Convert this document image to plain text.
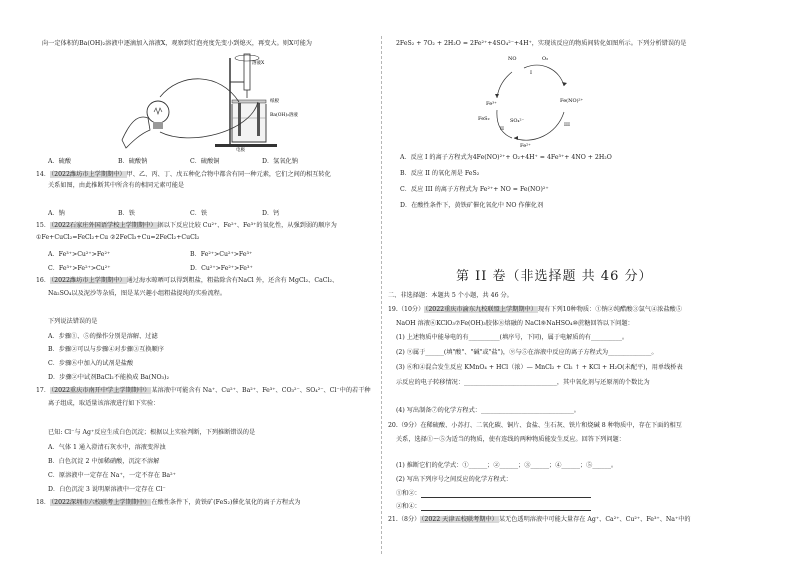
向一定体积的Ba(OH)₂溶液中逐滴加入溶液X，观察到灯泡亮度先变小到熄灭，再变大。则X可能为
溶液X
纸板
Ba(OH)₂溶液
电极
A．硫酸	B．硫酸钠	C．硫酸铜	D．氢氧化钠
14．（2022潍坊市上学期期中）甲、乙、丙、丁、戊五种化合物中都含有同一种元素，它们之间的相互转化
关系如图，由此推断其中所含有的相同元素可能是
A．钠	B．铁	C．铁	D．钙
15．（2022石家庄外国语学校上学期期中）据以下反应比较 Cu²⁺、Fe²⁺、Fe³⁺的氧化性，从强到弱的顺序为
①Fe+CuCl₂=FeCl₂+Cu ②2FeCl₃+Cu=2FeCl₂+CuCl₂
A．Fe³⁺>Cu²⁺>Fe²⁺	B．Fe²⁺>Cu²⁺>Fe³⁺
C．Fe³⁺>Fe²⁺>Cu²⁺	D．Cu²⁺>Fe²⁺>Fe³⁺
16．（2022潍坊市上学期期中）通过海水晾晒可以得到粗盐，粗盐除含有NaCl 外，还含有 MgCl₂、CaCl₂、
Na₂SO₄以及泥沙等杂质，图是某兴趣小组粗盐提纯的实验流程。
下列说法错误的是
A．步骤①、⑤的操作分别是溶解、过滤
B．步骤②可以与步骤④对步骤③互换顺序
C．步骤⑥中加入的试剂是盐酸
D．步骤②中试剂BaCl₂不能换成 Ba(NO₃)₂
17．（2022重庆市南开中学上学期期中）某溶液中可能含有 Na⁺、Cu²⁺、Ba²⁺、Fe³⁺、CO₃²⁻、SO₄²⁻、Cl⁻中的若干种
离子组成，取适量该溶液进行如下实验：
已知: Cl⁻与 Ag⁺反应生成白色沉淀；根据以上实验判断，下列推断错误的是
A．气体 1 通入澄清石灰水中，溶液变浑浊
B．白色沉淀 2 中加稀硝酸，沉淀不溶解
C．原溶液中一定存在 Na⁺，一定不存在 Ba²⁺
D．白色沉淀 3 说明原溶液中一定存在 Cl⁻
18．（2022深圳市六校联考上学期期中）在酸性条件下，黄铁矿(FeS₂)催化氧化的离子方程式为
2FeS₂ + 7O₂ + 2H₂O = 2Fe²⁺+4SO₄²⁻+4H⁺，实现该反应的物质间转化如图所示。下列分析错误的是
NO	O₂
I
Fe³⁺	Fe(NO)²⁺
FeS₂	SO₄²⁻
II
III
Fe²⁺
A．反应 I 的离子方程式为4Fe(NO)²⁺+ O₂+4H⁺ = 4Fe³⁺+ 4NO + 2H₂O
B．反应 II 的氧化剂是 FeS₂
C．反应 III 的离子方程式为 Fe²⁺+ NO = Fe(NO)²⁺
D．在酸性条件下，黄铁矿催化氧化中 NO 作催化剂
第 II 卷（非选择题 共 46 分）
二、非选择题：本题共 5 个小题，共 46 分。
19.（10分）（2022重庆市渝东九校联盟上学期期中）现有下列10种物质：①钠②纯醋酸③氯气④浓盐酸⑤
NaOH 溶液⑥KClO₃⑦Fe(OH)₃胶体⑧熔融的 NaCl⑨NaHSO₄⑩蔗糖回答以下问题：
(1) 上述物质中能导电的有__________(填序号，下同)，属于电解质的有__________。
(2) ⑨属于______(填"酸"、"碱"或"盐")，⑨与⑤在溶液中反应的离子方程式为______________。
(3) ⑥和④混合发生反应 KMnO₄ + HCl（浓）— MnCl₂ + Cl₂ ↑ + KCl + H₂O(未配平)，用单线桥表
示反应的电子转移情况：______________________________，其中氧化剂与还原剂的个数比为
(4) 写出制备⑦的化学方程式：______________________________。
20.（9分）在稀硫酸、小苏打、二氧化碳、铜片、食盐、生石灰、铁片和烧碱 8 种物质中，存在下面的相互
关系，选择①～⑤为适当的物质，使有连线的两种物质能发生反应。回答下列问题：
(1) 推断它们的化学式：①______；②______；③______；④______；⑤______。
(2) 写出下列序号之间反应的化学方程式：
①和②：
②和④：
21.（8分）（2022 天津五校联考期中）某无色透明溶液中可能大量存在 Ag⁺、Ca²⁺、Cu²⁺、Fe³⁺、Na⁺中的
